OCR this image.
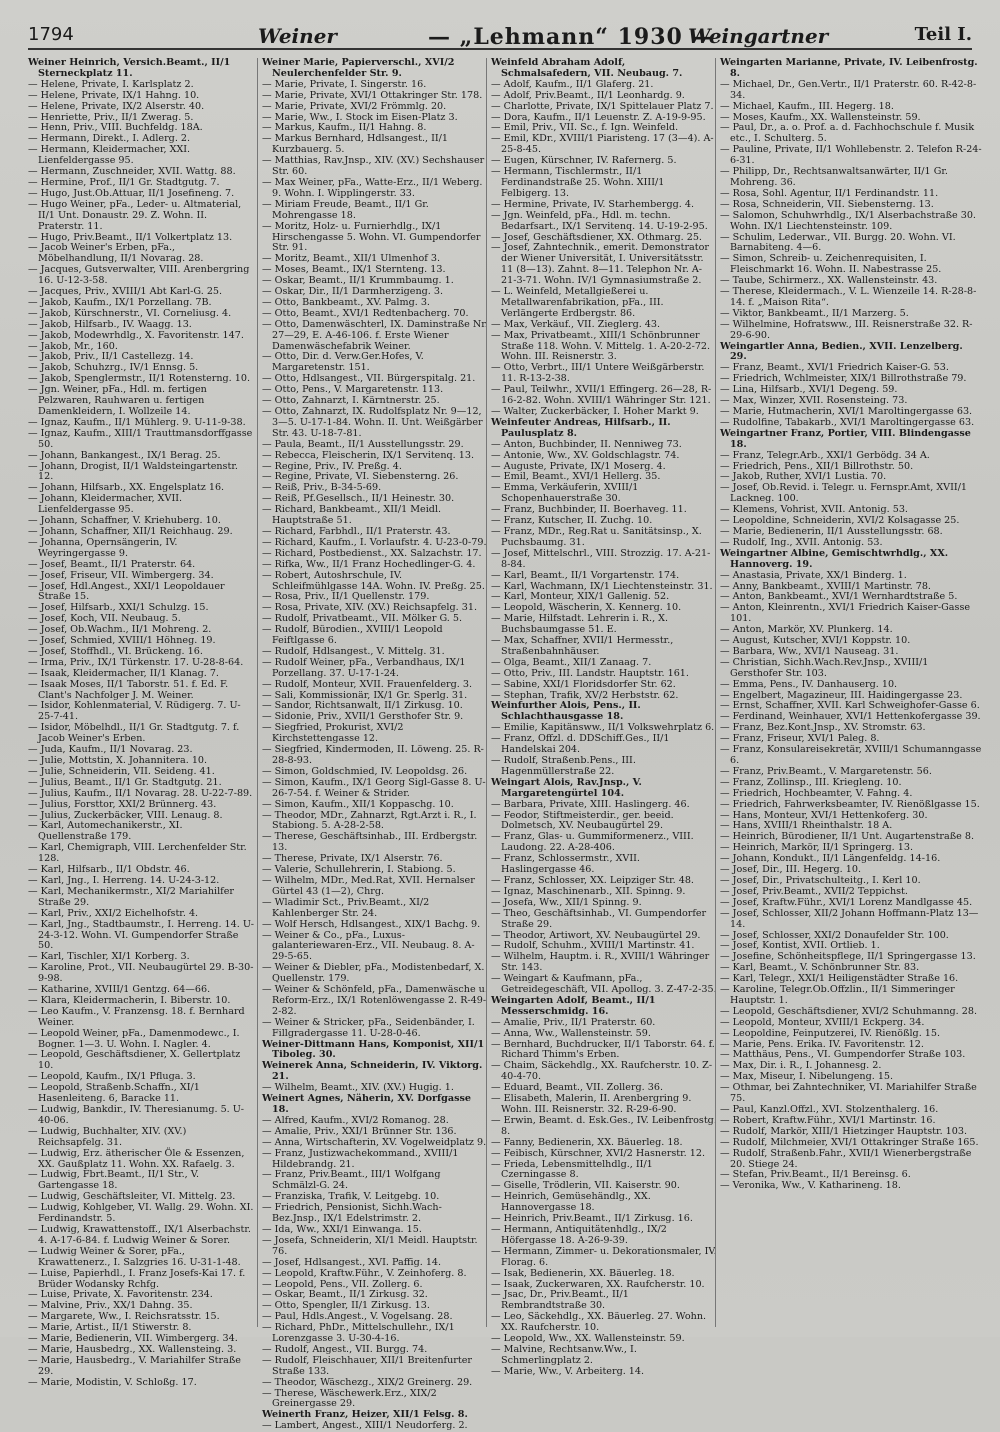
1794	Weiner	— „Lehmann“ 1930 —
Weingartner	Teil I.
Weiner Heinrich, Versich.Beamt., II/1 Sterneckplatz 11.
— Helene, Private, I. Karlsplatz 2.
— Helene, Private, IX/1 Hahng. 10.
— Helene, Private, IX/2 Alserstr. 40.
— Henriette, Priv., II/1 Zwerag. 5.
— Henn, Priv., VIII. Buchfeldg. 18A.
— Hermann, Direkt., I. Adlerg. 2.
— Hermann, Kleidermacher, XXI. Lienfeldergasse 95.
— Hermann, Zuschneider, XVII. Wattg. 88.
— Hermine, Prof., II/1 Gr. Stadtgutg. 7.
— Hugo, Just.Ob.Attuar, II/1 Josefineng. 7.
— Hugo Weiner, pFa., Leder- u. Altmaterial, II/1 Unt. Donaustr. 29. Z. Wohn. II. Praterstr. 11.
— Hugo, Priv.Beamt., II/1 Volkertplatz 13.
— Jacob Weiner's Erben, pFa., Möbelhandlung, II/1 Novarag. 28.
— Jacques, Gutsverwalter, VIII. Arenbergring 16. U-12-3-58.
— Jacques, Priv., XVIII/1 Abt Karl-G. 25.
— Jakob, Kaufm., IX/1 Porzellang. 7B.
— Jakob, Kürschnerstr., VI. Corneliusg. 4.
— Jakob, Hilfsarb., IV. Waagg. 13.
— Jakob, Modewrhdlg., X. Favoritenstr. 147.
— Jakob, Mr., 160.
— Jakob, Priv., II/1 Castellezg. 14.
— Jakob, Schuhzrg., IV/1 Ennsg. 5.
— Jakob, Spenglermstr., II/1 Rotensterng. 10.
— Jgn. Weiner, pFa., Hdl. m. fertigen Pelzwaren, Rauhwaren u. fertigen Damenkleidern, I. Wollzeile 14.
— Ignaz, Kaufm., II/1 Mühlerg. 9. U-11-9-38.
— Ignaz, Kaufm., XIII/1 Trauttmansdorffgasse 50.
— Johann, Bankangest., IX/1 Berag. 25.
— Johann, Drogist, II/1 Waldsteingartenstr. 12.
— Johann, Hilfsarb., XX. Engelsplatz 16.
— Johann, Kleidermacher, XVII. Lienfeldergasse 95.
— Johann, Schaffner, V. Kriehuberg. 10.
— Johann, Schaffner, XII/1 Reichhaug. 29.
— Johanna, Opernsängerin, IV. Weyringergasse 9.
— Josef, Beamt., II/1 Praterstr. 64.
— Josef, Friseur, VII. Wimbergerg. 34.
— Josef, Hdl.Angest., XXI/1 Leopoldauer Straße 15.
— Josef, Hilfsarb., XXI/1 Schulzg. 15.
— Josef, Koch, VII. Neubaug. 5.
— Josef, Ob.Wachm., II/1 Mohreng. 2.
— Josef, Schmied, XVIII/1 Höhneg. 19.
— Josef, Stoffhdl., VI. Brückeng. 16.
— Irma, Priv., IX/1 Türkenstr. 17. U-28-8-64.
— Isaak, Kleidermacher, II/1 Klanag. 7.
— Isaak Moses, II/1 Taborstr. 51. f. Ed. F. Clant's Nachfolger J. M. Weiner.
— Isidor, Kohlenmaterial, V. Rüdigerg. 7. U-25-7-41.
— Isidor, Möbelhdl., II/1 Gr. Stadtgutg. 7. f. Jacob Weiner's Erben.
— Juda, Kaufm., II/1 Novarag. 23.
— Julie, Mottstin, X. Johannitera. 10.
— Julie, Schneiderin, VII. Seideng. 41.
— Julius, Beamt., II/1 Gr. Stadtgutg. 21.
— Julius, Kaufm., II/1 Novarag. 28. U-22-7-89.
— Julius, Forsttor, XXI/2 Brünnerg. 43.
— Julius, Zuckerbäcker, VIII. Lenaug. 8.
— Karl, Automechanikerstr., XI. Quellenstraße 179.
— Karl, Chemigraph, VIII. Lerchenfelder Str. 128.
— Karl, Hilfsarb., II/1 Obdstr. 46.
— Karl, Jng., I. Herreng. 14. U-24-3-12.
— Karl, Mechanikermstr., XI/2 Mariahilfer Straße 29.
— Karl, Priv., XXI/2 Eichelhofstr. 4.
— Karl, Jng., Stadtbaumstr., I. Herreng. 14. U-24-3-12. Wohn. VI. Gumpendorfer Straße 50.
— Karl, Tischler, XI/1 Korberg. 3.
— Karoline, Prot., VII. Neubaugürtel 29. B-30-9-98.
— Katharine, XVIII/1 Gentzg. 64—66.
— Klara, Kleidermacherin, I. Biberstr. 10.
— Leo Kaufm., V. Franzensg. 18. f. Bernhard Weiner.
— Leopold Weiner, pFa., Damenmodewc., I. Bogner. 1—3. U. Wohn. I. Nagler. 4.
— Leopold, Geschäftsdiener, X. Gellertplatz 10.
— Leopold, Kaufm., IX/1 Pfluga. 3.
— Leopold, Straßenb.Schaffn., XI/1 Hasenleiteng. 6, Baracke 11.
— Ludwig, Bankdir., IV. Theresianumg. 5. U-40-06.
— Ludwig, Buchhalter, XIV. (XV.) Reichsapfelg. 31.
— Ludwig, Erz. ätherischer Öle & Essenzen, XX. Gaußplatz 11. Wohn. XX. Rafaelg. 3.
— Ludwig, Fbrt.Beamt., II/1 Str., V. Gartengasse 18.
— Ludwig, Geschäftsleiter, VI. Mittelg. 23.
— Ludwig, Kohlgeber, VI. Wallg. 29. Wohn. XI. Ferdinandstr. 5.
— Ludwig, Krawattenstoff., IX/1 Alserbachstr. 4. A-17-6-84. f. Ludwig Weiner & Sorer.
— Ludwig Weiner & Sorer, pFa., Krawattenerz., I. Salzgries 16. U-31-1-48.
— Luise, Papierhdl., I. Franz Josefs-Kai 17. f. Brüder Wodansky Rchfg.
— Luise, Private, X. Favoritenstr. 234.
— Malvine, Priv., XX/1 Dahng. 35.
— Margarete, Ww., I. Reichsratsstr. 15.
— Marie, Artist., II/1 Stiwerstr. 8.
— Marie, Bedienerin, VII. Wimbergerg. 34.
— Marie, Hausbedrg., XX. Wallensteing. 3.
— Marie, Hausbedrg., V. Mariahilfer Straße 29.
— Marie, Modistin, V. Schloßg. 17.
Weiner Marie, Papierverschl., XVI/2 Neulerchenfelder Str. 9.
— Marie, Private, I. Singerstr. 16.
— Marie, Private, XVI/1 Ottakringer Str. 178.
— Marie, Private, XVI/2 Frömmlg. 20.
— Marie, Ww., I. Stock im Eisen-Platz 3.
— Markus, Kaufm., II/1 Hahng. 8.
— Markus Bernhard, Hdlsangest., II/1 Kurzbauerg. 5.
— Matthias, Rav.Jnsp., XIV. (XV.) Sechshauser Str. 60.
— Max Weiner, pFa., Watte-Erz., II/1 Weberg. 9. Wohn. I. Wipplingerstr. 33.
— Miriam Freude, Beamt., II/1 Gr. Mohrengasse 18.
— Moritz, Holz- u. Furnierhdlg., IX/1 Hirschengasse 5. Wohn. VI. Gumpendorfer Str. 91.
— Moritz, Beamt., XII/1 Ulmenhof 3.
— Moses, Beamt., IX/1 Sternteng. 13.
— Oskar, Beamt., II/1 Krummbaumg. 1.
— Oskar, Dir., II/1 Darmherzigeng. 3.
— Otto, Bankbeamt., XV. Palmg. 3.
— Otto, Beamt., XVI/1 Redtenbacherg. 70.
— Otto, Damenwäschterl, IX. Daminstraße Nr. 27—29, E. A-46-106. f. Erste Wiener Damenwäschefabrik Weiner.
— Otto, Dir. d. Verw.Ger.Hofes, V. Margaretenstr. 151.
— Otto, Hdlsangest., VII. Bürgerspitalg. 21.
— Otto, Pens., V. Margaretenstr. 113.
— Otto, Zahnarzt, I. Kärntnerstr. 25.
— Otto, Zahnarzt, IX. Rudolfsplatz Nr. 9—12, 3—5. U-17-1-84. Wohn. II. Unt. Weißgärber Str. 43. U-18-7-81.
— Paula, Beamt., II/1 Ausstellungsstr. 29.
— Rebecca, Fleischerin, IX/1 Servitenq. 13.
— Regine, Priv., IV. Preßg. 4.
— Regine, Private, VI. Siebensterng. 26.
— Reiß, Priv., B-34-5-69.
— Reiß, Pf.Gesellsch., II/1 Heinestr. 30.
— Richard, Bankbeamt., XII/1 Meidl. Hauptstraße 51.
— Richard, Farbhdl., II/1 Praterstr. 43.
— Richard, Kaufm., I. Vorlaufstr. 4. U-23-0-79.
— Richard, Postbedienst., XX. Salzachstr. 17.
— Rifka, Ww., II/1 Franz Hochedlinger-G. 4.
— Robert, Autoshrschule, IV. Schleifmühlgasse 14A. Wohn. IV. Preßg. 25.
— Rosa, Priv., II/1 Quellenstr. 179.
— Rosa, Private, XIV. (XV.) Reichsapfelg. 31.
— Rudolf, Privatbeamt., VII. Mölker G. 5.
— Rudolf, Bürodien., XVIII/1 Leopold Feiftlgasse 6.
— Rudolf, Hdlsangest., V. Mittelg. 31.
— Rudolf Weiner, pFa., Verbandhaus, IX/1 Porzellang. 37. U-17-1-24.
— Rudolf, Monteur, XVII. Frauenfelderg. 3.
— Sali, Kommissionär, IX/1 Gr. Sperlg. 31.
— Sandor, Richtsanwalt, II/1 Zirkusg. 10.
— Sidonie, Priv., XVII/1 Gersthofer Str. 9.
— Siegfried, Prokurist, XVI/2 Kirchstettengasse 12.
— Siegfried, Kindermoden, II. Löweng. 25. R-28-8-93.
— Simon, Goldschmied, IV. Leopoldsg. 26.
— Simon, Kaufm., IX/1 Georg Sigl-Gasse 8. U-26-7-54. f. Weiner & Strider.
— Simon, Kaufm., XII/1 Koppaschg. 10.
— Theodor, MDr., Zahnarzt, Rgt.Arzt i. R., I. Stabiong. 5. A-28-2-58.
— Therese, Geschäftsinhab., III. Erdbergstr. 13.
— Therese, Private, IX/1 Alserstr. 76.
— Valerie, Schullehrerin, I. Stabiong. 5.
— Wilhelm, MDr., Med.Rat, XVII. Hernalser Gürtel 43 (1—2), Chrg.
— Wladimir Sct., Priv.Beamt., XI/2 Kahlenberger Str. 24.
— Wolf Hersch, Hdlsangest., XIX/1 Bachg. 9.
— Weiner & Co., pFa., Luxus-galanteriewaren-Erz., VII. Neubaug. 8. A-29-5-65.
— Weiner & Diebler, pFa., Modistenbedarf, X. Quellenstr. 179.
— Weiner & Schönfeld, pFa., Damenwäsche u. Reform-Erz., IX/1 Rotenlöwengasse 2. R-49-2-82.
— Weiner & Stricker, pFa., Seidenbänder, I. Fillgradergasse 11. U-28-0-46.
Weiner-Dittmann Hans, Komponist, XII/1 Tiboleg. 30.
Weinerek Anna, Schneiderin, IV. Viktorg. 21.
— Wilhelm, Beamt., XIV. (XV.) Hugig. 1.
Weinert Agnes, Näherin, XV. Dorfgasse 18.
— Alfred, Kaufm., XVI/2 Romanog. 28.
— Amalie, Priv., XXI/1 Brünner Str. 136.
— Anna, Wirtschafterin, XV. Vogelweidplatz 9.
— Franz, Justizwachekommand., XVIII/1 Hildebrandg. 21.
— Franz, Priv.Beamt., III/1 Wolfgang Schmälzl-G. 24.
— Franziska, Trafik, V. Leitgebg. 10.
— Friedrich, Pensionist, Sichh.Wach-Bez.Jnsp., IX/1 Edelstrimstr. 2.
— Ida, Ww., XXI/1 Einwanga. 15.
— Josefa, Schneiderin, XI/1 Meidl. Hauptstr. 76.
— Josef, Hdlsangest., XVI. Paffig. 14.
— Leopold, Kraftw.Führ., V. Zeinhoferg. 8.
— Leopold, Pens., VII. Zollerg. 6.
— Oskar, Beamt., II/1 Zirkusg. 32.
— Otto, Spengler, II/1 Zirkusg. 13.
— Paul, Hdls.Angest., V. Vogelsang. 28.
— Richard, PhDr., Mittelschullehr., IX/1 Lorenzgasse 3. U-30-4-16.
— Rudolf, Angest., VII. Burgg. 74.
— Rudolf, Fleischhauer, XII/1 Breitenfurter Straße 133.
— Theodor, Wäschezg., XIX/2 Greinerg. 29.
— Therese, Wäschewerk.Erz., XIX/2 Greinergasse 29.
Weinerth Franz, Heizer, XII/1 Felsg. 8.
— Lambert, Angest., XIII/1 Neudorferg. 2.
Weinfeld Abraham Adolf, Schmalsafedern, VII. Neubaug. 7.
— Adolf, Kaufm., II/1 Glaferg. 21.
— Adolf, Priv.Beamt., II/1 Leonhardg. 9.
— Charlotte, Private, IX/1 Spittelauer Platz 7.
— Dora, Kaufm., II/1 Leuenstr. Z. A-19-9-95.
— Emil, Priv., VII. Sc., f. Ign. Weinfeld.
— Emil, KDr., XVIII/1 Piaristeng. 17 (3—4). A-25-8-45.
— Eugen, Kürschner, IV. Rafernerg. 5.
— Hermann, Tischlermstr., II/1 Ferdinandstraße 25. Wohn. XIII/1 Felbigerg. 13.
— Hermine, Private, IV. Starhembergg. 4.
— Jgn. Weinfeld, pFa., Hdl. m. techn. Bedarfsart., IX/1 Servitenq. 14. U-19-2-95.
— Josef, Geschäftsdiener, XX. Othmarg. 25.
— Josef, Zahntechnik., emerit. Demonstrator der Wiener Universität, I. Universitätsstr. 11 (8—13). Zahnt. 8—11. Telephon Nr. A-21-3-71. Wohn. IV/1 Gymnasiumstraße 2.
— L. Weinfeld, Metallgießerei u. Metallwarenfabrikation, pFa., III. Verlängerte Erdbergstr. 86.
— Max, Verkäuf., VII. Zieglerg. 43.
— Max, Privatbeamt., XIII/1 Schönbrunner Straße 118. Wohn. V. Mittelg. 1. A-20-2-72. Wohn. III. Reisnerstr. 3.
— Otto, Verbrt., III/1 Untere Weißgärberstr. 11. R-13-2-38.
— Paul, Teilwhr., XVII/1 Effingerg. 26—28, R-16-2-82. Wohn. XVIII/1 Währinger Str. 121.
— Walter, Zuckerbäcker, I. Hoher Markt 9.
Weinfeuter Andreas, Hilfsarb., II. Paulusplatz 8.
— Anton, Buchbinder, II. Nenniweg 73.
— Antonie, Ww., XV. Goldschlagstr. 74.
— Auguste, Private, IX/1 Moserg. 4.
— Emil, Beamt., XVI/1 Hellerg. 35.
— Emma, Verkäuferin, XVIII/1 Schopenhauerstraße 30.
— Franz, Buchbinder, II. Boerhaveg. 11.
— Franz, Kutscher, II. Zuchg. 10.
— Franz, MDr., Reg.Rat u. Sanitätsinsp., X. Puchsbaumg. 31.
— Josef, Mittelschrl., VIII. Strozzig. 17. A-21-8-84.
— Karl, Beamt., II/1 Vorgartenstr. 174.
— Karl, Wachmann, IX/1 Liechtensteinstr. 31.
— Karl, Monteur, XIX/1 Gallenig. 52.
— Leopold, Wäscherin, X. Kennerg. 10.
— Marie, Hilfstadt. Lehrerin i. R., X. Buchsbaumgasse 51. E.
— Max, Schaffner, XVII/1 Hermesstr., Straßenbahnhäuser.
— Olga, Beamt., XII/1 Zanaag. 7.
— Otto, Priv., III. Landstr. Hauptstr. 161.
— Sabine, XXI/1 Floridsdorfer Str. 62.
— Stephan, Trafik, XV/2 Herbststr. 62.
Weinfurther Alois, Pens., II. Schlachthausgasse 18.
— Emilie, Kapitänsww., II/1 Volkswehrplatz 6.
— Franz, Offzl. d. DDSchiff.Ges., II/1 Handelskai 204.
— Rudolf, Straßenb.Pens., III. Hagenmüllerstraße 22.
Weingart Alois, Rav.Jnsp., V. Margaretengürtel 104.
— Barbara, Private, XIII. Haslingerg. 46.
— Feodor, Stiftmeisterdir., ger. beeid. Dolmetsch, XV. Neubaugürtel 29.
— Franz, Glas- u. Gummiformenerz., VIII. Laudong. 22. A-28-406.
— Franz, Schlossermstr., XVII. Haslingergasse 46.
— Franz, Schlosser, XX. Leipziger Str. 48.
— Ignaz, Maschinenarb., XII. Spinng. 9.
— Josefa, Ww., XII/1 Spinng. 9.
— Theo, Geschäftsinhab., VI. Gumpendorfer Straße 29.
— Theodor, Artiwort, XV. Neubaugürtel 29.
— Rudolf, Schuhm., XVIII/1 Martinstr. 41.
— Wilhelm, Hauptm. i. R., XVIII/1 Währinger Str. 143.
— Weingart & Kaufmann, pFa., Getreidegeschäft, VII. Apollog. 3. Z-47-2-35.
Weingarten Adolf, Beamt., II/1 Messerschmidg. 16.
— Amalie, Priv., II/1 Praterstr. 60.
— Anna, Ww., Wallensteinstr. 59.
— Bernhard, Buchdrucker, II/1 Taborstr. 64. f. Richard Thimm's Erben.
— Chaim, Säckehdlg., XX. Raufcherstr. 10. Z-40-4-70.
— Eduard, Beamt., VII. Zollerg. 36.
— Elisabeth, Malerin, II. Arenbergring 9. Wohn. III. Reisnerstr. 32. R-29-6-90.
— Erwin, Beamt. d. Esk.Ges., IV. Leibenfrostg. 8.
— Fanny, Bedienerin, XX. Bäuerleg. 18.
— Feibisch, Kürschner, XVI/2 Hasnerstr. 12.
— Frieda, Lebensmittelhdlg., II/1 Czerningasse 8.
— Giselle, Trödlerin, VII. Kaiserstr. 90.
— Heinrich, Gemüsehändlg., XX. Hannovergasse 18.
— Heinrich, Priv.Beamt., II/1 Zirkusg. 16.
— Hermann, Antiquitätenhdlg., IX/2 Höfergasse 18. A-26-9-39.
— Hermann, Zimmer- u. Dekorationsmaler, IV. Florag. 6.
— Isak, Bedienerin, XX. Bäuerleg. 18.
— Isaak, Zuckerwaren, XX. Raufcherstr. 10.
— Jsac, Dr., Priv.Beamt., II/1 Rembrandtstraße 30.
— Leo, Säckehdlg., XX. Bäuerleg. 27. Wohn. XX. Raufcherstr. 10.
— Leopold, Ww., XX. Wallensteinstr. 59.
— Malvine, Rechtsanw.Ww., I. Schmerlingplatz 2.
— Marie, Ww., V. Arbeiterg. 14.
Weingarten Marianne, Private, IV. Leibenfrostg. 8.
— Michael, Dr., Gen.Vertr., II/1 Praterstr. 60. R-42-8-34.
— Michael, Kaufm., III. Hegerg. 18.
— Moses, Kaufm., XX. Wallensteinstr. 59.
— Paul, Dr., a. o. Prof. a. d. Fachhochschule f. Musik etc., I. Schulterg. 5.
— Pauline, Private, II/1 Wohllebenstr. 2. Telefon R-24-6-31.
— Philipp, Dr., Rechtsanwaltsanwärter, II/1 Gr. Mohreng. 36.
— Rosa, Sohl. Agentur, II/1 Ferdinandstr. 11.
— Rosa, Schneiderin, VII. Siebensterng. 13.
— Salomon, Schuhwrhdlg., IX/1 Alserbachstraße 30. Wohn. IX/1 Liechtensteinstr. 109.
— Schulim, Lederwar., VII. Burgg. 20. Wohn. VI. Barnabiteng. 4—6.
— Simon, Schreib- u. Zeichenrequisiten, I. Fleischmarkt 16. Wohn. II. Nabestrasse 25.
— Taube, Schirmerz., XX. Wallensteinstr. 43.
— Therese, Kleidermach., V. L. Wienzeile 14. R-28-8-14. f. „Maison Rita“.
— Viktor, Bankbeamt., II/1 Marzerg. 5.
— Wilhelmine, Hofratsww., III. Reisnerstraße 32. R-29-6-90.
Weingartler Anna, Bedien., XVII. Lenzelberg. 29.
— Franz, Beamt., XVI/1 Friedrich Kaiser-G. 53.
— Friedrich, Wchlmeister, XIX/1 Billrothstraße 79.
— Lina, Hilfsarb., XVI/1 Degeng. 59.
— Max, Winzer, XVII. Rosensteing. 73.
— Marie, Hutmacherin, XVI/1 Maroltingergasse 63.
— Rudolfine, Tabakarb., XVI/1 Maroltingergasse 63.
Weingartner Franz, Portier, VIII. Blindengasse 18.
— Franz, Telegr.Arb., XXI/1 Gerbödg. 34 A.
— Friedrich, Pens., XII/1 Billrothstr. 50.
— Jakob, Ruther, XVI/1 Lustia. 70.
— Josef, Ob.Revid. i. Telegr. u. Fernspr.Amt, XVII/1 Lackneg. 100.
— Klemens, Vohrist, XVII. Antonig. 53.
— Leopoldine, Schneiderin, XVI/2 Kolsagasse 25.
— Marie, Bedienerin, II/1 Ausstellungsstr. 68.
— Rudolf, Ing., XVII. Antonig. 53.
Weingartner Albine, Gemischtwrhdlg., XX. Hannoverg. 19.
— Anastasia, Private, XX/1 Binderg. 1.
— Anny, Bankbeamt., XVIII/1 Martinstr. 78.
— Anton, Bankbeamt., XVI/1 Wernhardtstraße 5.
— Anton, Kleinrentn., XVI/1 Friedrich Kaiser-Gasse 101.
— Anton, Markör, XV. Plunkerg. 14.
— August, Kutscher, XVI/1 Koppstr. 10.
— Barbara, Ww., XVI/1 Nauseag. 31.
— Christian, Sichh.Wach.Rev.Jnsp., XVIII/1 Gersthofer Str. 103.
— Emma, Pens., IV. Danhauserg. 10.
— Engelbert, Magazineur, III. Haidingergasse 23.
— Ernst, Schaffner, XVII. Karl Schweighofer-Gasse 6.
— Ferdinand, Weinhauer, XVI/1 Hettenkofergasse 39.
— Franz, Bez.Kont.Jnsp., XV. Stromstr. 63.
— Franz, Friseur, XVI/1 Paleg. 8.
— Franz, Konsulareisekretär, XVIII/1 Schumanngasse 6.
— Franz, Priv.Beamt., V. Margaretenstr. 56.
— Franz, Zollinsp., III. Kriegleng. 10.
— Friedrich, Hochbeamter, V. Fahng. 4.
— Friedrich, Fahrwerksbeamter, IV. Rienößlgasse 15.
— Hans, Monteur, XVI/1 Hettenkoferg. 30.
— Hans, XVIII/1 Rheinthalstr. 18 A.
— Heinrich, Bürodiener, II/1 Unt. Augartenstraße 8.
— Heinrich, Markör, II/1 Springerg. 13.
— Johann, Kondukt., II/1 Längenfeldg. 14-16.
— Josef, Dir., III. Hegerg. 10.
— Josef, Dir., Privatschulteitg., I. Kerl 10.
— Josef, Priv.Beamt., XVII/2 Teppichst.
— Josef, Kraftw.Führ., XVI/1 Lorenz Mandlgasse 45.
— Josef, Schlosser, XII/2 Johann Hoffmann-Platz 13—14.
— Josef, Schlosser, XXI/2 Donaufelder Str. 100.
— Josef, Kontist, XVII. Ortlieb. 1.
— Josefine, Schönheitspflege, II/1 Springergasse 13.
— Karl, Beamt., V. Schönbrunner Str. 83.
— Karl, Telegr., XXI/1 Heiligenstädter Straße 16.
— Karoline, Telegr.Ob.Offzlin., II/1 Simmeringer Hauptstr. 1.
— Leopold, Geschäftsdiener, XVI/2 Schuhmanng. 28.
— Leopold, Monteur, XVIII/1 Eckperg. 34.
— Leopoldine, Feinputzerei, IV. Rienößlg. 15.
— Marie, Pens. Erika. IV. Favoritenstr. 12.
— Matthäus, Pens., VI. Gumpendorfer Straße 103.
— Max, Dir. i. R., I. Johannesg. 2.
— Max, Miseur, I. Nibelungeng. 15.
— Othmar, bei Zahntechniker, VI. Mariahilfer Straße 75.
— Paul, Kanzl.Offzl., XVI. Stolzenthalerg. 16.
— Robert, Kraftw.Führ., XVI/1 Martinstr. 16.
— Rudolf, Markör, XIII/1 Hietzinger Hauptstr. 103.
— Rudolf, Milchmeier, XVI/1 Ottakringer Straße 165.
— Rudolf, Straßenb.Fahr., XVII/1 Wienerbergstraße 20. Stiege 24.
— Stefan, Priv.Beamt., II/1 Bereinsg. 6.
— Veronika, Ww., V. Katharineng. 18.
